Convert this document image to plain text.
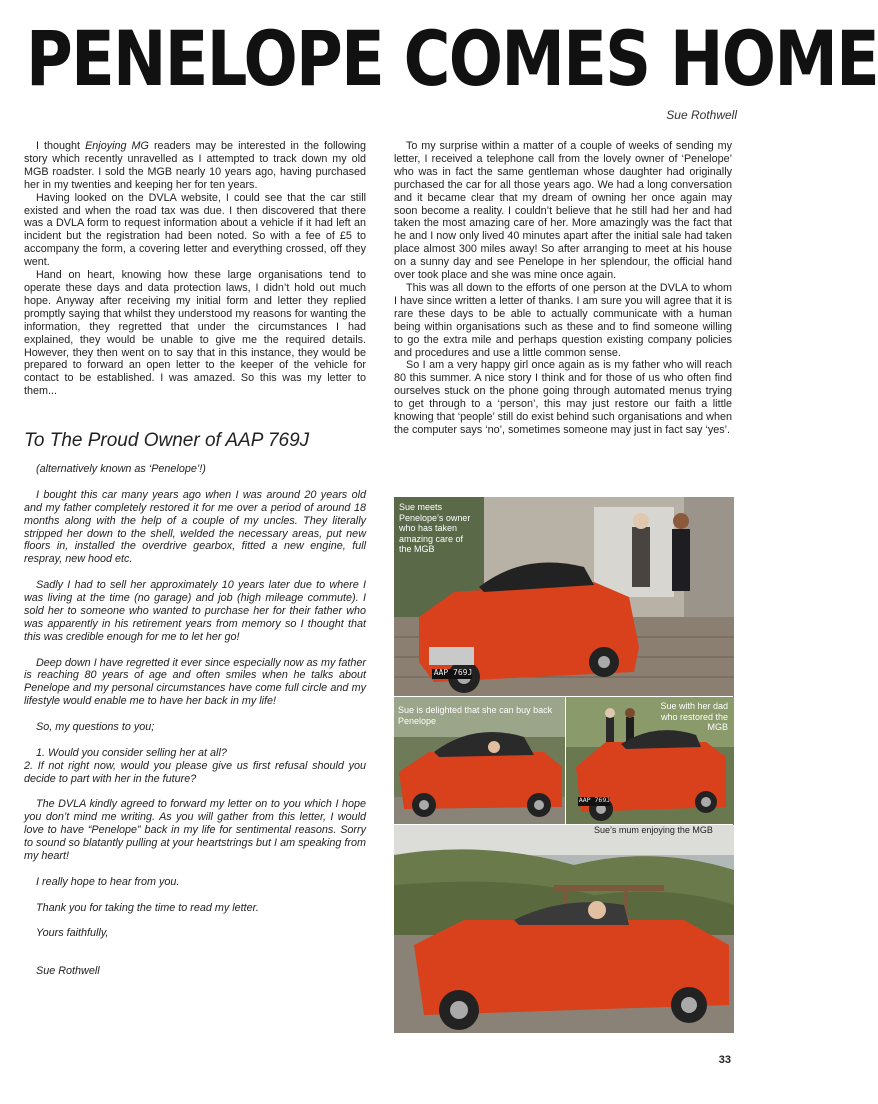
PENELOPE COMES HOME
Sue Rothwell

I thought Enjoying MG readers may be interested in the following story which recently unravelled as I attempted to track down my old MGB roadster. I sold the MGB nearly 10 years ago, having purchased her in my twenties and keeping her for ten years.

Having looked on the DVLA website, I could see that the car still existed and when the road tax was due. I then discovered that there was a DVLA form to request information about a vehicle if it had left an incident but the registration had been noted. So with a fee of £5 to accompany the form, a covering letter and everything crossed, off they went.

Hand on heart, knowing how these large organisations tend to operate these days and data protection laws, I didn’t hold out much hope. Anyway after receiving my initial form and letter they replied promptly saying that whilst they understood my reasons for wanting the information, they regretted that under the circumstances I had explained, they would be unable to give me the required details. However, they then went on to say that in this instance, they would be prepared to forward an open letter to the keeper of the vehicle for contact to be established. I was amazed. So this was my letter to them...

To The Proud Owner of AAP 769J

(alternatively known as ‘Penelope’!)

I bought this car many years ago when I was around 20 years old and my father completely restored it for me over a period of around 18 months along with the help of a couple of my uncles. They literally stripped her down to the shell, welded the necessary areas, put new floors in, installed the overdrive gearbox, fitted a new engine, full respray, new hood etc.

Sadly I had to sell her approximately 10 years later due to where I was living at the time (no garage) and job (high mileage commute). I sold her to someone who wanted to purchase her for their father who was apparently in his retirement years from memory so I thought that this was credible enough for me to let her go!

Deep down I have regretted it ever since especially now as my father is reaching 80 years of age and often smiles when he talks about Penelope and my personal circumstances have come full circle and my lifestyle would enable me to have her back in my life!

So, my questions to you;

1. Would you consider selling her at all?

2. If not right now, would you please give us first refusal should you decide to part with her in the future?

The DVLA kindly agreed to forward my letter on to you which I hope you don’t mind me writing. As you will gather from this letter, I would love to have “Penelope” back in my life for sentimental reasons. Sorry to sound so blatantly pulling at your heartstrings but I am speaking from my heart!

I really hope to hear from you.

Thank you for taking the time to read my letter.

Yours faithfully,

Sue Rothwell

To my surprise within a matter of a couple of weeks of sending my letter, I received a telephone call from the lovely owner of ‘Penelope’ who was in fact the same gentleman whose daughter had originally purchased the car for all those years ago. We had a long conversation and it became clear that my dream of owning her once again may soon become a reality. I couldn’t believe that he still had her and had taken the most amazing care of her. More amazingly was the fact that he and I now only lived 40 minutes apart after the initial sale had taken place almost 300 miles away! So after arranging to meet at his house on a sunny day and see Penelope in her splendour, the official hand over took place and she was mine once again.

This was all down to the efforts of one person at the DVLA to whom I have since written a letter of thanks. I am sure you will agree that it is rare these days to be able to actually communicate with a human being within organisations such as these and to find someone willing to go the extra mile and perhaps question existing company policies and procedures and use a little common sense.

So I am a very happy girl once again as is my father who will reach 80 this summer. A nice story I think and for those of us who often find ourselves stuck on the phone going through automated menus trying to get through to a ‘person’, this may just restore our faith a little knowing that ‘people’ still do exist behind such organisations and when the computer says ‘no’, sometimes someone may just in fact say ‘yes’.

Sue meets Penelope’s owner who has taken amazing care of the MGB
AAP 769J
Sue is delighted that she can buy back Penelope
Sue with her dad who restored the MGB
AAP 769J
Sue’s mum enjoying the MGB
33
